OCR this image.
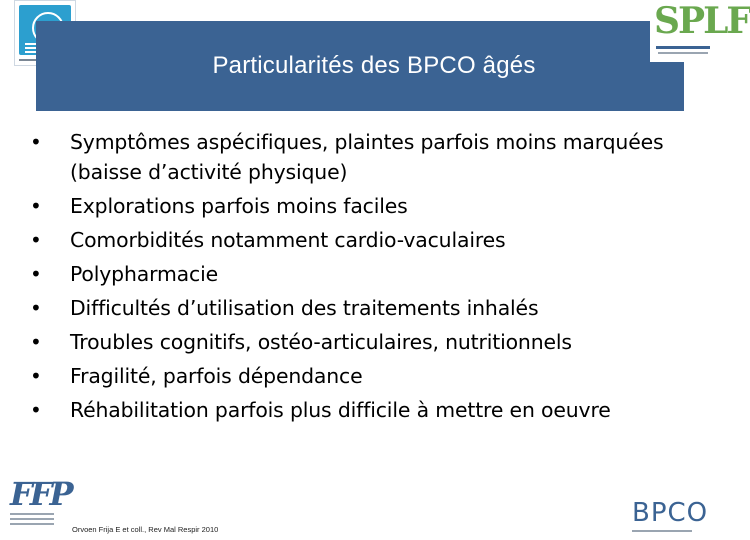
Particularités des BPCO âgés
SPLF
• Symptômes aspécifiques, plaintes parfois moins marquées (baisse d’activité physique)
• Explorations parfois moins faciles
• Comorbidités notamment cardio-vaculaires
• Polypharmacie
• Difficultés d’utilisation des traitements inhalés
• Troubles cognitifs, ostéo-articulaires, nutritionnels
• Fragilité, parfois dépendance
• Réhabilitation parfois plus difficile à mettre en oeuvre
FFP
Orvoen Frija E et coll., Rev Mal Respir 2010
BPCO
